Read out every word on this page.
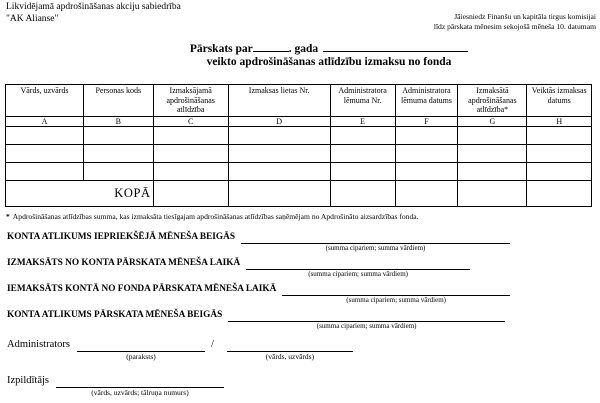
Likvidējamā apdrošināšanas akciju sabiedrība
"AK Alianse"	Jāiesniedz Finanšu un kapitāla tirgus komisijai
līdz pārskata mēnesim sekojošā mēneša 10. datumam
Pārskats par	. gada
veikto apdrošināšanas atlīdzību izmaksu no fonda
Vārds, uzvārds	Personas kods	Izmaksājamā apdrošināšanas atlīdzība	Izmaksas lietas Nr.	Administratora lēmuma Nr.	Administratora lēmuma datums	Izmaksātā apdrošināšanas atlīdzība*	Veiktās izmaksas datums
A	B	C	D	E	F	G	H

KOPĀ							
* Apdrošināšanas atlīdzības summa, kas izmaksāta tiesīgajam apdrošināšanas atlīdzības saņēmējam no Apdrošināto aizsardzības fonda.
KONTA ATLIKUMS IEPRIEKŠĒJĀ MĒNEŠA BEIGĀS
(summa cipariem; summa vārdiem)
IZMAKSĀTS NO KONTA PĀRSKATA MĒNEŠA LAIKĀ
(summa cipariem; summa vārdiem)
IEMAKSĀTS KONTĀ NO FONDA PĀRSKATA MĒNEŠA LAIKĀ
(summa cipariem; summa vārdiem)
KONTA ATLIKUMS PĀRSKATA MĒNEŠA BEIGĀS
(summa cipariem; summa vārdiem)
Administrators
(paraksts)
/
(vārds, uzvārds)
Izpildītājs
(vārds, uzvārds; tālruņa numurs)
